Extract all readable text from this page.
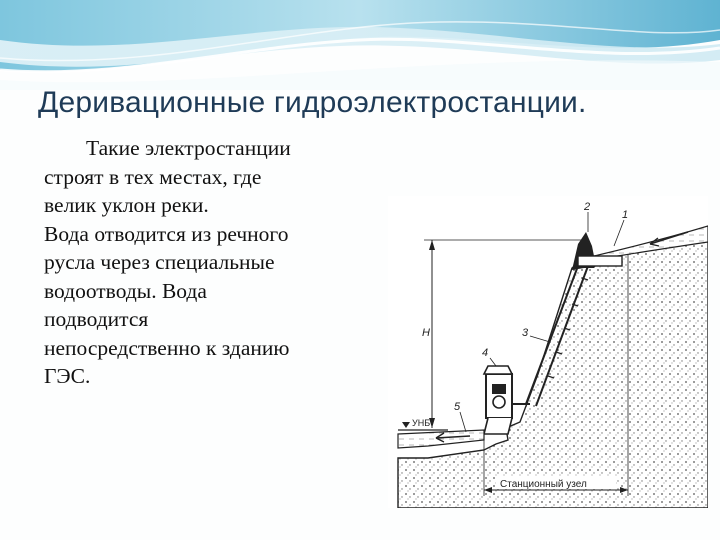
Деривационные гидроэлектростанции.
Такие электростанции
строят в тех местах, где
велик уклон реки.
Вода отводится из речного
русла через специальные
водоотводы. Вода
подводится
непосредственно к зданию
ГЭС.
УНБ
H
Станционный узел
1
2
3
4
5
